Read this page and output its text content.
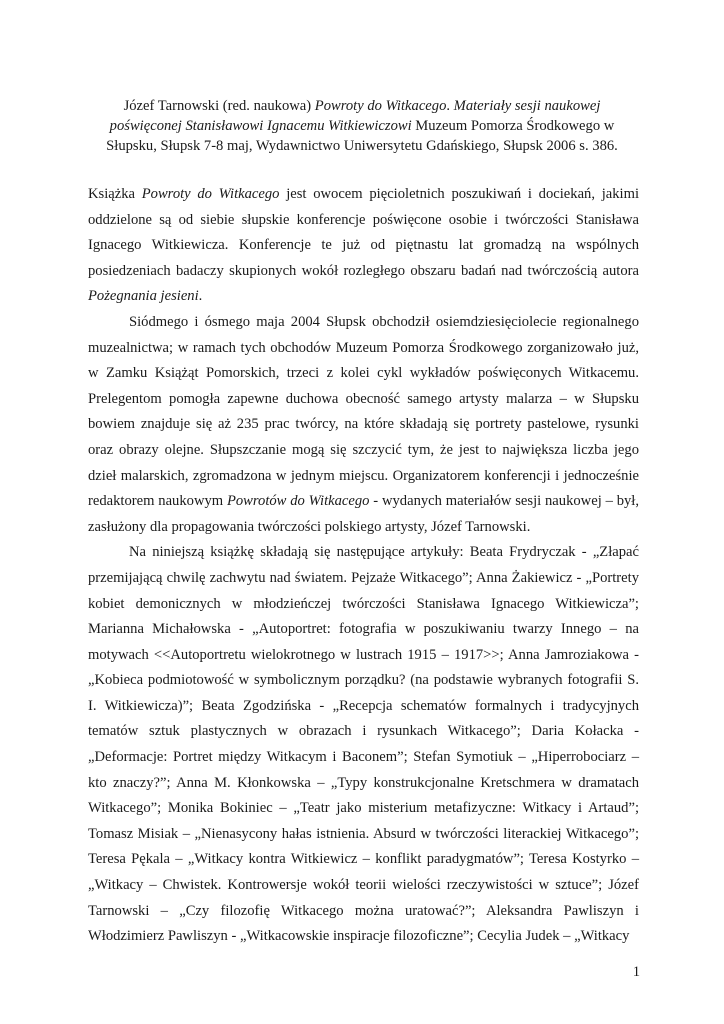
Józef Tarnowski (red. naukowa) Powroty do Witkacego. Materiały sesji naukowej poświęconej Stanisławowi Ignacemu Witkiewiczowi Muzeum Pomorza Środkowego w Słupsku, Słupsk 7-8 maj, Wydawnictwo Uniwersytetu Gdańskiego, Słupsk 2006 s. 386.

Książka Powroty do Witkacego jest owocem pięcioletnich poszukiwań i dociekań, jakimi oddzielone są od siebie słupskie konferencje poświęcone osobie i twórczości Stanisława Ignacego Witkiewicza. Konferencje te już od piętnastu lat gromadzą na wspólnych posiedzeniach badaczy skupionych wokół rozległego obszaru badań nad twórczością autora Pożegnania jesieni.

Siódmego i ósmego maja 2004 Słupsk obchodził osiemdziesięciolecie regionalnego muzealnictwa; w ramach tych obchodów Muzeum Pomorza Środkowego zorganizowało już, w Zamku Książąt Pomorskich, trzeci z kolei cykl wykładów poświęconych Witkacemu. Prelegentom pomogła zapewne duchowa obecność samego artysty malarza – w Słupsku bowiem znajduje się aż 235 prac twórcy, na które składają się portrety pastelowe, rysunki oraz obrazy olejne. Słupszczanie mogą się szczycić tym, że jest to największa liczba jego dzieł malarskich, zgromadzona w jednym miejscu. Organizatorem konferencji i jednocześnie redaktorem naukowym Powrotów do Witkacego - wydanych materiałów sesji naukowej – był, zasłużony dla propagowania twórczości polskiego artysty, Józef Tarnowski.

Na niniejszą książkę składają się następujące artykuły: Beata Frydryczak - „Złapać przemijającą chwilę zachwytu nad światem. Pejzaże Witkacego”; Anna Żakiewicz - „Portrety kobiet demonicznych w młodzieńczej twórczości Stanisława Ignacego Witkiewicza”; Marianna Michałowska - „Autoportret: fotografia w poszukiwaniu twarzy Innego – na motywach <<Autoportretu wielokrotnego w lustrach 1915 – 1917>>; Anna Jamroziakowa - „Kobieca podmiotowość w symbolicznym porządku? (na podstawie wybranych fotografii S. I. Witkiewicza)”; Beata Zgodzińska - „Recepcja schematów formalnych i tradycyjnych tematów sztuk plastycznych w obrazach i rysunkach Witkacego”; Daria Kołacka - „Deformacje: Portret między Witkacym i Baconem”; Stefan Symotiuk – „Hiperrobociarz – kto znaczy?”; Anna M. Kłonkowska – „Typy konstrukcjonalne Kretschmera w dramatach Witkacego”; Monika Bokiniec – „Teatr jako misterium metafizyczne: Witkacy i Artaud”; Tomasz Misiak – „Nienasycony hałas istnienia. Absurd w twórczości literackiej Witkacego”; Teresa Pękala – „Witkacy kontra Witkiewicz – konflikt paradygmatów”; Teresa Kostyrko – „Witkacy – Chwistek. Kontrowersje wokół teorii wielości rzeczywistości w sztuce”; Józef Tarnowski – „Czy filozofię Witkacego można uratować?”; Aleksandra Pawliszyn i Włodzimierz Pawliszyn - „Witkacowskie inspiracje filozoficzne”; Cecylia Judek – „Witkacy

1
